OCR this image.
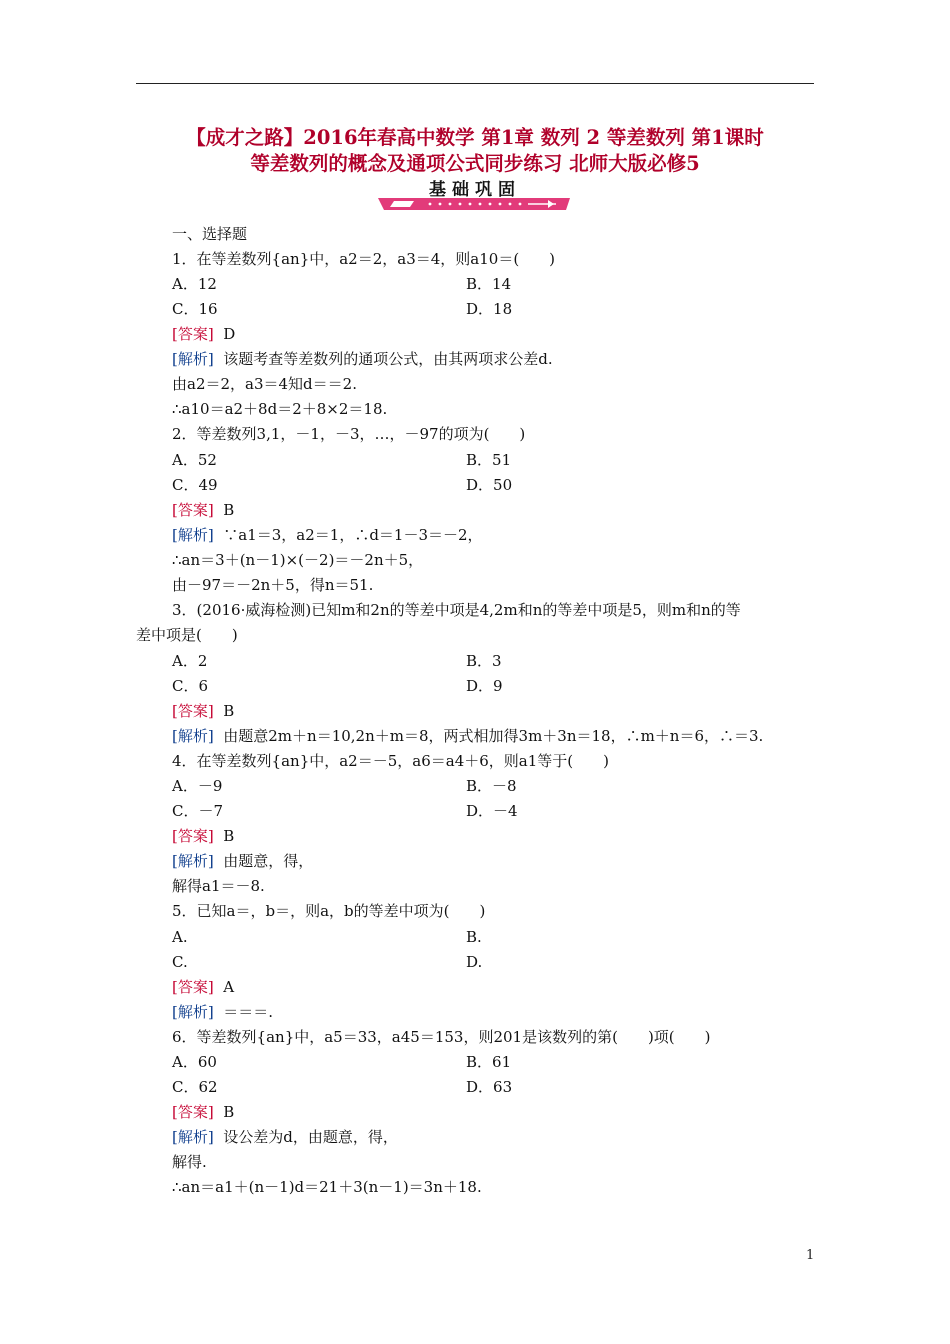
【成才之路】2016年春高中数学 第1章 数列 2 等差数列 第1课时
等差数列的概念及通项公式同步练习 北师大版必修5
基础巩固
一、选择题
1．在等差数列{an}中，a2＝2，a3＝4，则a10＝(　　)
A．12	B．14
C．16	D．18
[答案] D
[解析] 该题考查等差数列的通项公式，由其两项求公差d.
由a2＝2，a3＝4知d＝＝2.
∴a10＝a2＋8d＝2＋8×2＝18.
2．等差数列3,1，－1，－3，…，－97的项为(　　)
A．52	B．51
C．49	D．50
[答案] B
[解析] ∵a1＝3，a2＝1，∴d＝1－3＝－2，
∴an＝3＋(n－1)×(－2)＝－2n＋5，
由－97＝－2n＋5，得n＝51.
3．(2016·威海检测)已知m和2n的等差中项是4,2m和n的等差中项是5，则m和n的等
差中项是(　　)
A．2	B．3
C．6	D．9
[答案] B
[解析] 由题意2m＋n＝10,2n＋m＝8，两式相加得3m＋3n＝18，∴m＋n＝6，∴＝3.
4．在等差数列{an}中，a2＝－5，a6＝a4＋6，则a1等于(　　)
A．－9	B．－8
C．－7	D．－4
[答案] B
[解析] 由题意，得，
解得a1＝－8.
5．已知a＝，b＝，则a，b的等差中项为(　　)
A.	B.
C.	D.
[答案] A
[解析] ＝＝＝.
6．等差数列{an}中，a5＝33，a45＝153，则201是该数列的第(　　)项(　　)
A．60	B．61
C．62	D．63
[答案] B
[解析] 设公差为d，由题意，得，
解得.
∴an＝a1＋(n－1)d＝21＋3(n－1)＝3n＋18.
1
